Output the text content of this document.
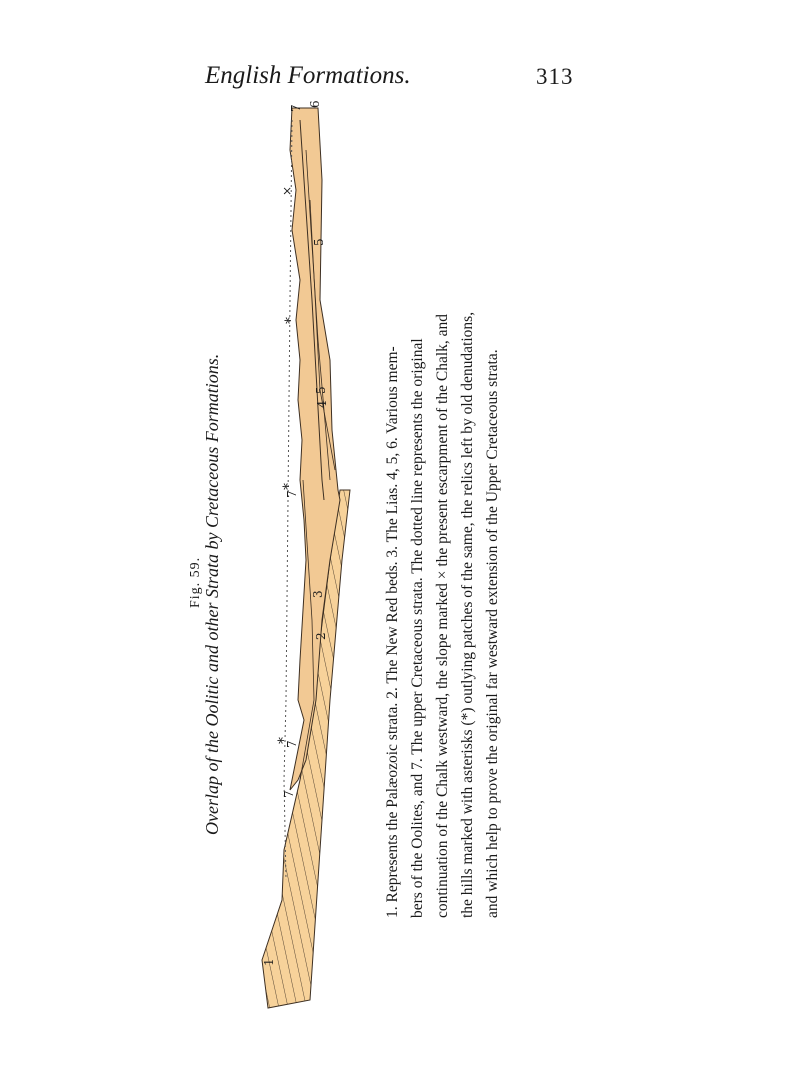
English Formations.	313
Fig. 59. Overlap of the Oolitic and other Strata by Cretaceous Formations.
1
2
3
4
5
5
6
7
7
7
7
*
*
*
×
1. Represents the Palæozoic strata. 2. The New Red beds. 3. The Lias. 4, 5, 6. Various mem- bers of the Oolites, and 7. The upper Cretaceous strata. The dotted line represents the original continuation of the Chalk westward, the slope marked × the present escarpment of the Chalk, and the hills marked with asterisks (*) outlying patches of the same, the relics left by old denudations, and which help to prove the original far westward extension of the Upper Cretaceous strata.
